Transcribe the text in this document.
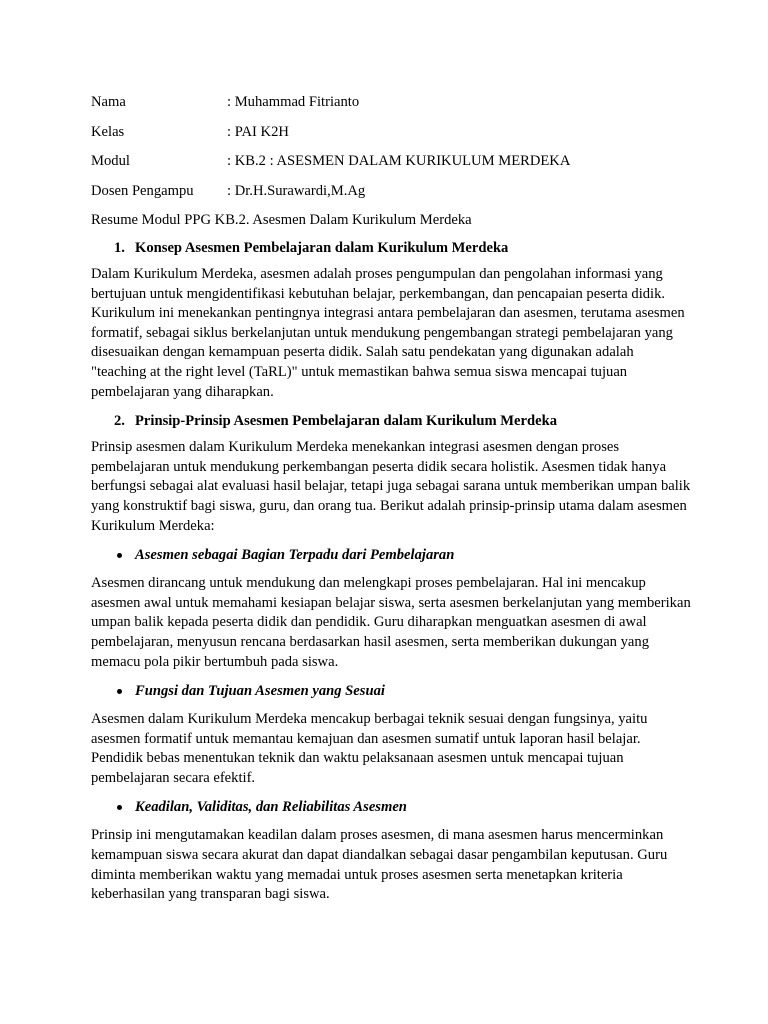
Nama	: Muhammad Fitrianto
Kelas	: PAI K2H
Modul	: KB.2 : ASESMEN DALAM KURIKULUM MERDEKA
Dosen Pengampu	: Dr.H.Surawardi,M.Ag
Resume Modul PPG KB.2. Asesmen Dalam Kurikulum Merdeka
1. Konsep Asesmen Pembelajaran dalam Kurikulum Merdeka

Dalam Kurikulum Merdeka, asesmen adalah proses pengumpulan dan pengolahan informasi yang bertujuan untuk mengidentifikasi kebutuhan belajar, perkembangan, dan pencapaian peserta didik. Kurikulum ini menekankan pentingnya integrasi antara pembelajaran dan asesmen, terutama asesmen formatif, sebagai siklus berkelanjutan untuk mendukung pengembangan strategi pembelajaran yang disesuaikan dengan kemampuan peserta didik. Salah satu pendekatan yang digunakan adalah "teaching at the right level (TaRL)" untuk memastikan bahwa semua siswa mencapai tujuan pembelajaran yang diharapkan.

2. Prinsip-Prinsip Asesmen Pembelajaran dalam Kurikulum Merdeka

Prinsip asesmen dalam Kurikulum Merdeka menekankan integrasi asesmen dengan proses pembelajaran untuk mendukung perkembangan peserta didik secara holistik. Asesmen tidak hanya berfungsi sebagai alat evaluasi hasil belajar, tetapi juga sebagai sarana untuk memberikan umpan balik yang konstruktif bagi siswa, guru, dan orang tua. Berikut adalah prinsip-prinsip utama dalam asesmen Kurikulum Merdeka:

Asesmen sebagai Bagian Terpadu dari Pembelajaran

Asesmen dirancang untuk mendukung dan melengkapi proses pembelajaran. Hal ini mencakup asesmen awal untuk memahami kesiapan belajar siswa, serta asesmen berkelanjutan yang memberikan umpan balik kepada peserta didik dan pendidik. Guru diharapkan menguatkan asesmen di awal pembelajaran, menyusun rencana berdasarkan hasil asesmen, serta memberikan dukungan yang memacu pola pikir bertumbuh pada siswa.

Fungsi dan Tujuan Asesmen yang Sesuai

Asesmen dalam Kurikulum Merdeka mencakup berbagai teknik sesuai dengan fungsinya, yaitu asesmen formatif untuk memantau kemajuan dan asesmen sumatif untuk laporan hasil belajar. Pendidik bebas menentukan teknik dan waktu pelaksanaan asesmen untuk mencapai tujuan pembelajaran secara efektif.

Keadilan, Validitas, dan Reliabilitas Asesmen

Prinsip ini mengutamakan keadilan dalam proses asesmen, di mana asesmen harus mencerminkan kemampuan siswa secara akurat dan dapat diandalkan sebagai dasar pengambilan keputusan. Guru diminta memberikan waktu yang memadai untuk proses asesmen serta menetapkan kriteria keberhasilan yang transparan bagi siswa.
